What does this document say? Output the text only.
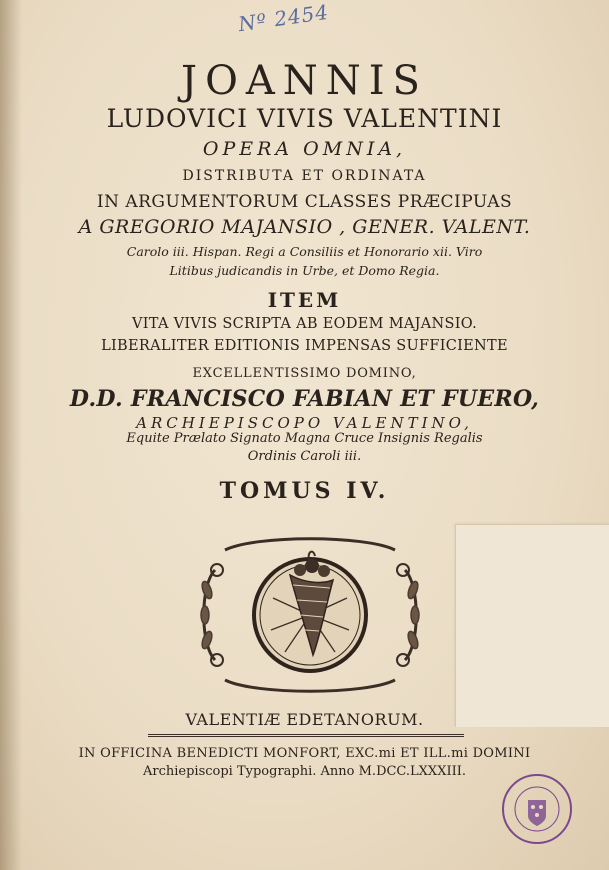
Nº 2454
JOANNIS
LUDOVICI VIVIS VALENTINI
OPERA OMNIA,
DISTRIBUTA ET ORDINATA
IN ARGUMENTORUM CLASSES PRÆCIPUAS
A GREGORIO MAJANSIO , GENER. VALENT.
Carolo iii. Hispan. Regi a Consiliis et Honorario xii. Viro
Litibus judicandis in Urbe, et Domo Regia.
ITEM
VITA VIVIS SCRIPTA AB EODEM MAJANSIO.
LIBERALITER EDITIONIS IMPENSAS SUFFICIENTE
EXCELLENTISSIMO DOMINO,
D.D. FRANCISCO FABIAN ET FUERO,
ARCHIEPISCOPO VALENTINO,
Equite Prælato Signato Magna Cruce Insignis Regalis
Ordinis Caroli iii.
TOMUS IV.
VALENTIÆ EDETANORUM.
IN OFFICINA BENEDICTI MONFORT, EXC.mi ET ILL.mi DOMINI
Archiepiscopi Typographi. Anno M.DCC.LXXXIII.
